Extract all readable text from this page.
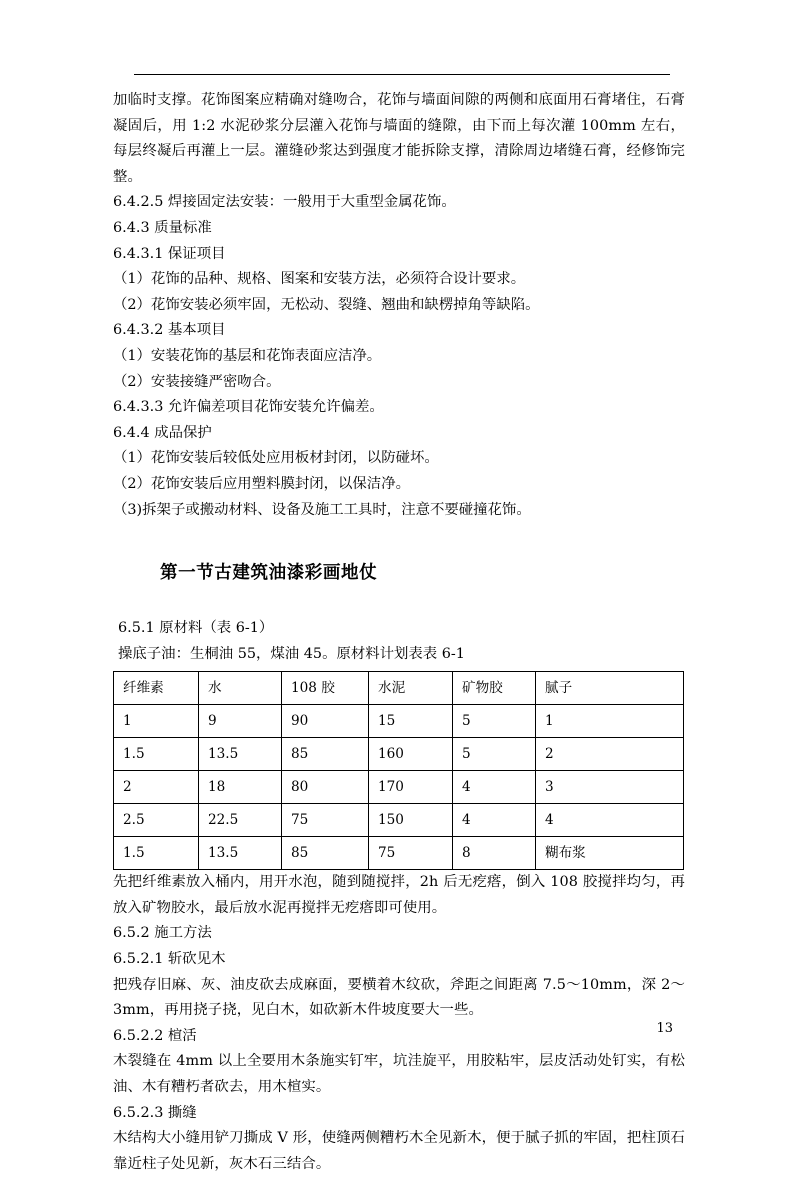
加临时支撑。花饰图案应精确对缝吻合，花饰与墙面间隙的两侧和底面用石膏堵住，石膏凝固后，用 1:2 水泥砂浆分层灌入花饰与墙面的缝隙，由下而上每次灌 100mm 左右，每层终凝后再灌上一层。灌缝砂浆达到强度才能拆除支撑，清除周边堵缝石膏，经修饰完整。

6.4.2.5 焊接固定法安装：一般用于大重型金属花饰。

6.4.3 质量标准

6.4.3.1 保证项目

（1）花饰的品种、规格、图案和安装方法，必须符合设计要求。

（2）花饰安装必须牢固，无松动、裂缝、翘曲和缺楞掉角等缺陷。

6.4.3.2 基本项目

（1）安装花饰的基层和花饰表面应洁净。

（2）安装接缝严密吻合。

6.4.3.3 允许偏差项目花饰安装允许偏差。

6.4.4 成品保护

（1）花饰安装后较低处应用板材封闭，以防碰坏。

（2）花饰安装后应用塑料膜封闭，以保洁净。

（3)拆架子或搬动材料、设备及施工工具时，注意不要碰撞花饰。

第一节古建筑油漆彩画地仗

6.5.1 原材料（表 6-1）

操底子油：生桐油 55，煤油 45。原材料计划表表 6-1

纤维素	水	108 胶	水泥	矿物胶	腻子
1	9	90	15	5	1
1.5	13.5	85	160	5	2
2	18	80	170	4	3
2.5	22.5	75	150	4	4
1.5	13.5	85	75	8	糊布浆

先把纤维素放入桶内，用开水泡，随到随搅拌，2h 后无疙瘩，倒入 108 胶搅拌均匀，再放入矿物胶水，最后放水泥再搅拌无疙瘩即可使用。

6.5.2 施工方法

6.5.2.1 斩砍见木

把残存旧麻、灰、油皮砍去成麻面，要横着木纹砍，斧距之间距离 7.5～10mm，深 2～3mm，再用挠子挠，见白木，如砍新木件坡度要大一些。

6.5.2.2 楦活

木裂缝在 4mm 以上全要用木条施实钉牢，坑洼旋平，用胶粘牢，层皮活动处钉实，有松油、木有糟朽者砍去，用木楦实。

6.5.2.3 撕缝

木结构大小缝用铲刀撕成 V 形，使缝两侧糟朽木全见新木，便于腻子抓的牢固，把柱顶石靠近柱子处见新，灰木石三结合。

13
